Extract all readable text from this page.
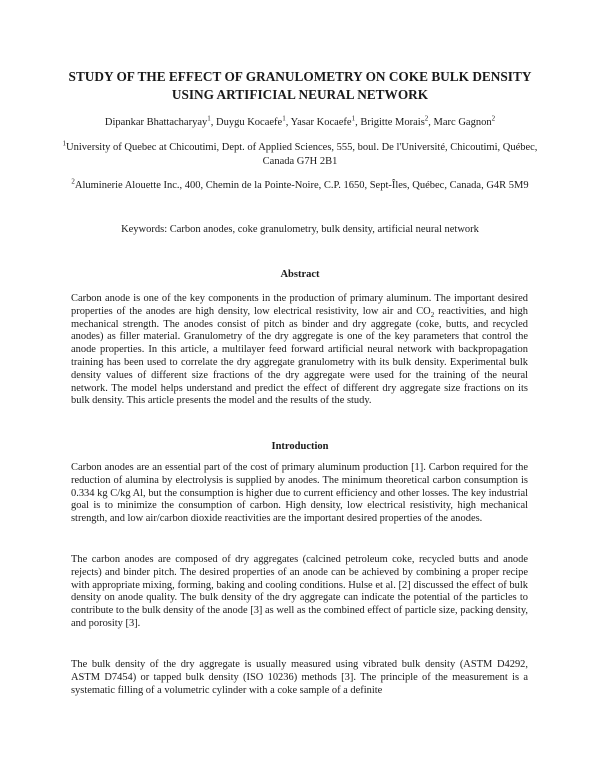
STUDY OF THE EFFECT OF GRANULOMETRY ON COKE BULK DENSITY USING ARTIFICIAL NEURAL NETWORK
Dipankar Bhattacharyay$^1$, Duygu Kocaefe$^1$, Yasar Kocaefe$^1$, Brigitte Morais$^2$, Marc Gagnon$^2$
$^1$University of Quebec at Chicoutimi, Dept. of Applied Sciences, 555, boul. De l'Université, Chicoutimi, Québec, Canada G7H 2B1
$^2$Aluminerie Alouette Inc., 400, Chemin de la Pointe-Noire, C.P. 1650, Sept-Îles, Québec, Canada, G4R 5M9
Keywords: Carbon anodes, coke granulometry, bulk density, artificial neural network
Abstract
Carbon anode is one of the key components in the production of primary aluminum. The important desired properties of the anodes are high density, low electrical resistivity, low air and $CO_2$ reactivities, and high mechanical strength. The anodes consist of pitch as binder and dry aggregate (coke, butts, and recycled anodes) as filler material. Granulometry of the dry aggregate is one of the key parameters that control the anode properties. In this article, a multilayer feed forward artificial neural network with backpropagation training has been used to correlate the dry aggregate granulometry with its bulk density. Experimental bulk density values of different size fractions of the dry aggregate were used for the training of the neural network. The model helps understand and predict the effect of different dry aggregate size fractions on its bulk density. This article presents the model and the results of the study.
Introduction
Carbon anodes are an essential part of the cost of primary aluminum production [1]. Carbon required for the reduction of alumina by electrolysis is supplied by anodes. The minimum theoretical carbon consumption is 0.334 kg C/kg Al, but the consumption is higher due to current efficiency and other losses. The key industrial goal is to minimize the consumption of carbon. High density, low electrical resistivity, high mechanical strength, and low air/carbon dioxide reactivities are the important desired properties of the anodes.
The carbon anodes are composed of dry aggregates (calcined petroleum coke, recycled butts and anode rejects) and binder pitch. The desired properties of an anode can be achieved by combining a proper recipe with appropriate mixing, forming, baking and cooling conditions. Hulse et al. [2] discussed the effect of bulk density on anode quality. The bulk density of the dry aggregate can indicate the potential of the particles to contribute to the bulk density of the anode [3] as well as the combined effect of particle size, packing density, and porosity [3].
The bulk density of the dry aggregate is usually measured using vibrated bulk density (ASTM D4292, ASTM D7454) or tapped bulk density (ISO 10236) methods [3]. The principle of the measurement is a systematic filling of a volumetric cylinder with a coke sample of a definite
